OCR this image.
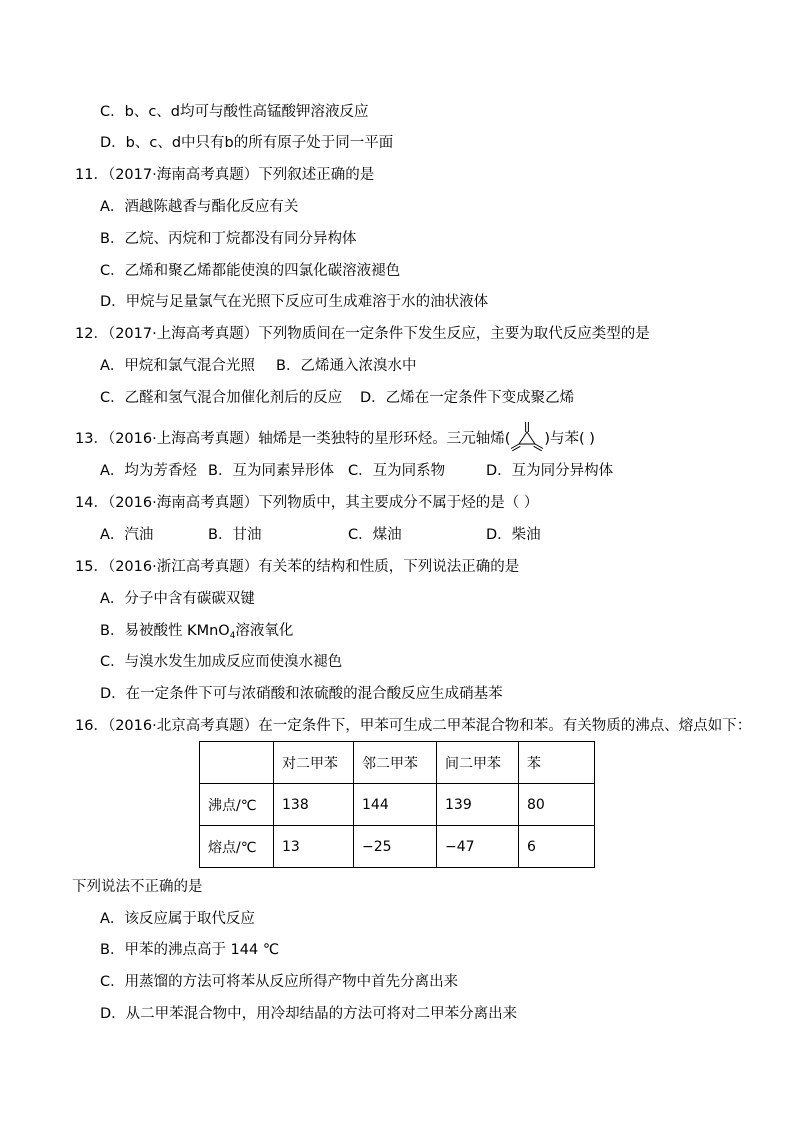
C．b、c、d均可与酸性高锰酸钾溶液反应
D．b、c、d中只有b的所有原子处于同一平面
11．（2017·海南高考真题）下列叙述正确的是
A．酒越陈越香与酯化反应有关
B．乙烷、丙烷和丁烷都没有同分异构体
C．乙烯和聚乙烯都能使溴的四氯化碳溶液褪色
D．甲烷与足量氯气在光照下反应可生成难溶于水的油状液体
12．（2017·上海高考真题）下列物质间在一定条件下发生反应，主要为取代反应类型的是
A．甲烷和氯气混合光照 B．乙烯通入浓溴水中
C．乙醛和氢气混合加催化剂后的反应 D．乙烯在一定条件下变成聚乙烯
13．（2016·上海高考真题）轴烯是一类独特的星形环烃。三元轴烯( )与苯( )
A．均为芳香烃 B．互为同素异形体 C．互为同系物	D．互为同分异构体
14．（2016·海南高考真题）下列物质中，其主要成分不属于烃的是（ ）
A．汽油	B．甘油	C．煤油	D．柴油
15．（2016·浙江高考真题）有关苯的结构和性质，下列说法正确的是
A．分子中含有碳碳双键
B．易被酸性 KMnO$_4$溶液氧化
C．与溴水发生加成反应而使溴水褪色
D．在一定条件下可与浓硝酸和浓硫酸的混合酸反应生成硝基苯
16．（2016·北京高考真题）在一定条件下，甲苯可生成二甲苯混合物和苯。有关物质的沸点、熔点如下：
	对二甲苯	邻二甲苯	间二甲苯	苯
沸点/℃	138	144	139	80
熔点/℃	13	−25	−47	6
下列说法不正确的是
A．该反应属于取代反应
B．甲苯的沸点高于 144 ℃
C．用蒸馏的方法可将苯从反应所得产物中首先分离出来
D．从二甲苯混合物中，用冷却结晶的方法可将对二甲苯分离出来
